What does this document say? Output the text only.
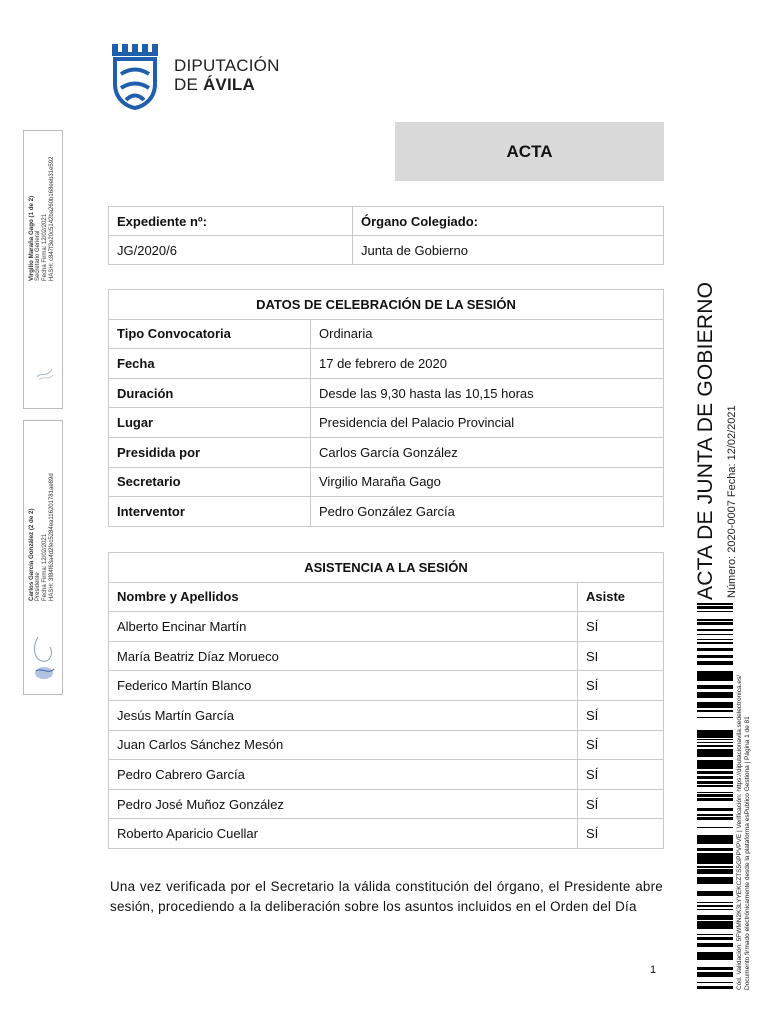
DIPUTACIÓN
DE ÁVILA
ACTA
Expediente nº:	Órgano Colegiado:
JG/2020/6	Junta de Gobierno
DATOS DE CELEBRACIÓN DE LA SESIÓN	
Tipo Convocatoria	Ordinaria
Fecha	17 de febrero de 2020
Duración	Desde las 9,30 hasta las 10,15 horas
Lugar	Presidencia del Palacio Provincial
Presidida por	Carlos García González
Secretario	Virgilio Maraña Gago
Interventor	Pedro González García
ASISTENCIA A LA SESIÓN	
Nombre y Apellidos	Asiste
Alberto Encinar Martín	SÍ
María Beatriz Díaz Morueco	SI
Federico Martín Blanco	SÍ
Jesús Martín García	SÍ
Juan Carlos Sánchez Mesón	SÍ
Pedro Cabrero García	SÍ
Pedro José Muñoz González	SÍ
Roberto Aparicio Cuellar	SÍ

Una vez verificada por el Secretario la válida constitución del órgano, el Presidente abre sesión, procediendo a la deliberación sobre los asuntos incluidos en el Orden del Día

1
Virgilio Maraña Gago (1 de 2) Secretario General Fecha Firma: 12/02/2021 HASH: c847f3e20c5142ba260b168eeb31e592
Carlos García González (2 de 2) Presidente Fecha Firma: 12/02/2021 HASH: 3f84f63a4d2fec5284ea116201781ae89d	ACTA DE JUNTA DE GOBIERNO Número: 2020-0007 Fecha: 12/02/2021
Cód. Validación: 5FWMN2K3LYYEKCZTS5GPPVPVE | Verificación: https://diputacionavila.sedelectronica.es/ Documento firmado electrónicamente desde la plataforma esPublico Gestiona | Página 1 de 81
